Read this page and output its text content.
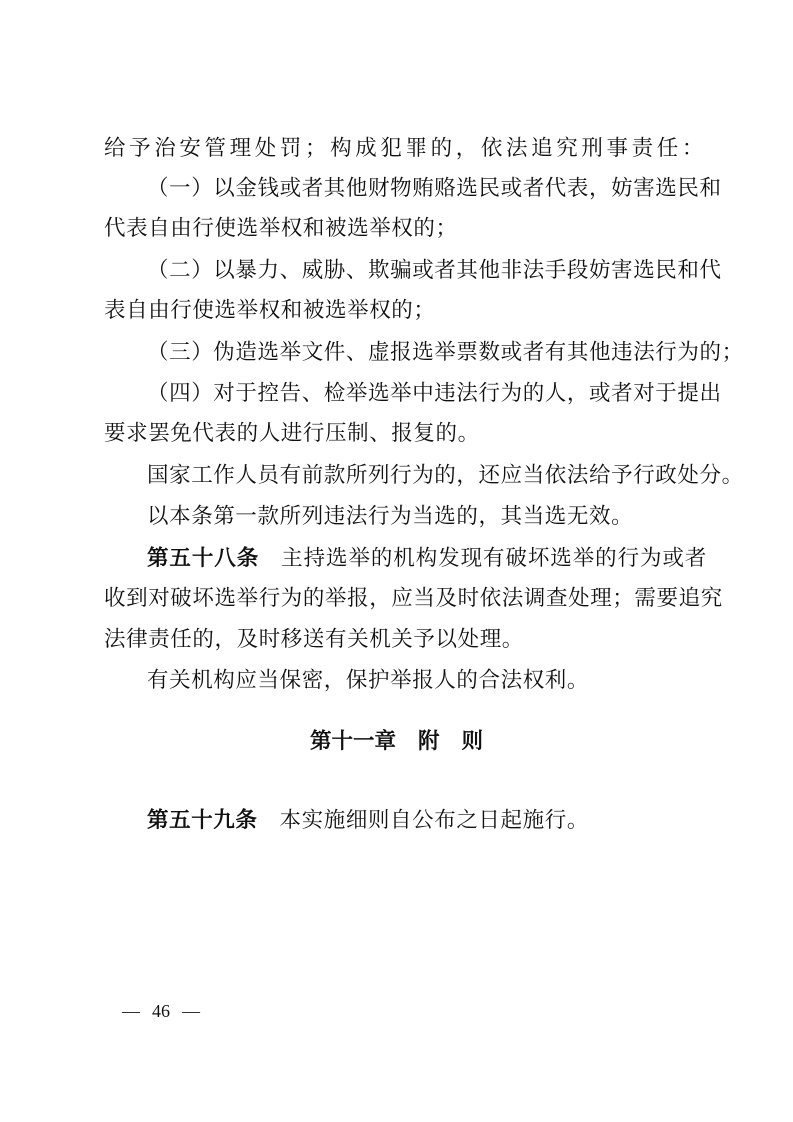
给予治安管理处罚；构成犯罪的，依法追究刑事责任：
（一）以金钱或者其他财物贿赂选民或者代表，妨害选民和
代表自由行使选举权和被选举权的；
（二）以暴力、威胁、欺骗或者其他非法手段妨害选民和代
表自由行使选举权和被选举权的；
（三）伪造选举文件、虚报选举票数或者有其他违法行为的；
（四）对于控告、检举选举中违法行为的人，或者对于提出
要求罢免代表的人进行压制、报复的。
国家工作人员有前款所列行为的，还应当依法给予行政处分。
以本条第一款所列违法行为当选的，其当选无效。
第五十八条 主持选举的机构发现有破坏选举的行为或者
收到对破坏选举行为的举报，应当及时依法调查处理；需要追究
法律责任的，及时移送有关机关予以处理。
有关机构应当保密，保护举报人的合法权利。
第十一章 附 则
第五十九条 本实施细则自公布之日起施行。
— 46 —
